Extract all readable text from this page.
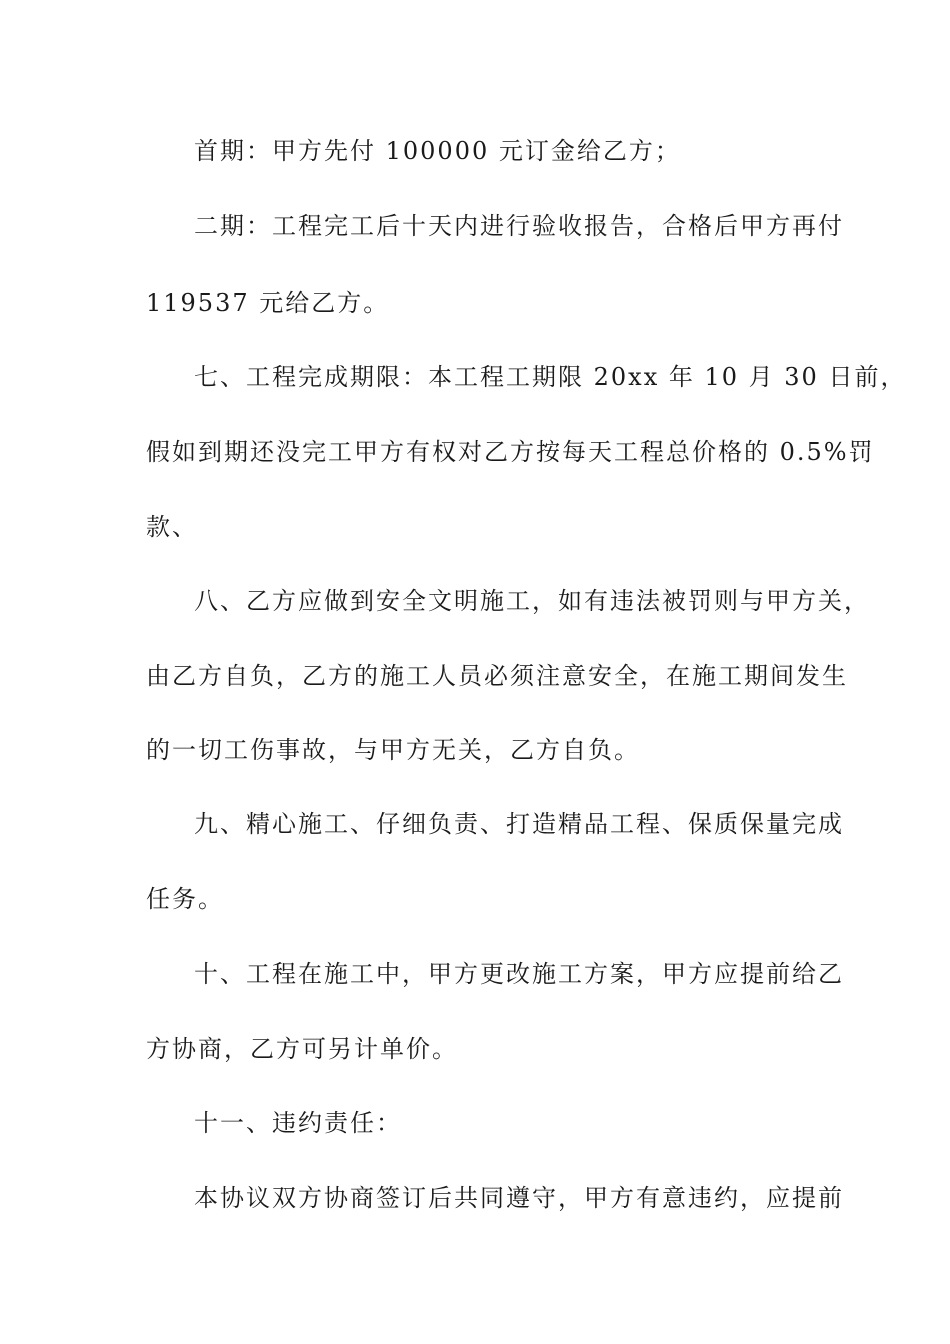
首期：甲方先付 100000 元订金给乙方；
二期：工程完工后十天内进行验收报告，合格后甲方再付
119537 元给乙方。
七、工程完成期限：本工程工期限 20xx 年 10 月 30 日前，
假如到期还没完工甲方有权对乙方按每天工程总价格的 0.5%罚
款、
八、乙方应做到安全文明施工，如有违法被罚则与甲方关，
由乙方自负，乙方的施工人员必须注意安全，在施工期间发生
的一切工伤事故，与甲方无关，乙方自负。
九、精心施工、仔细负责、打造精品工程、保质保量完成
任务。
十、工程在施工中，甲方更改施工方案，甲方应提前给乙
方协商，乙方可另计单价。
十一、违约责任：
本协议双方协商签订后共同遵守，甲方有意违约，应提前
